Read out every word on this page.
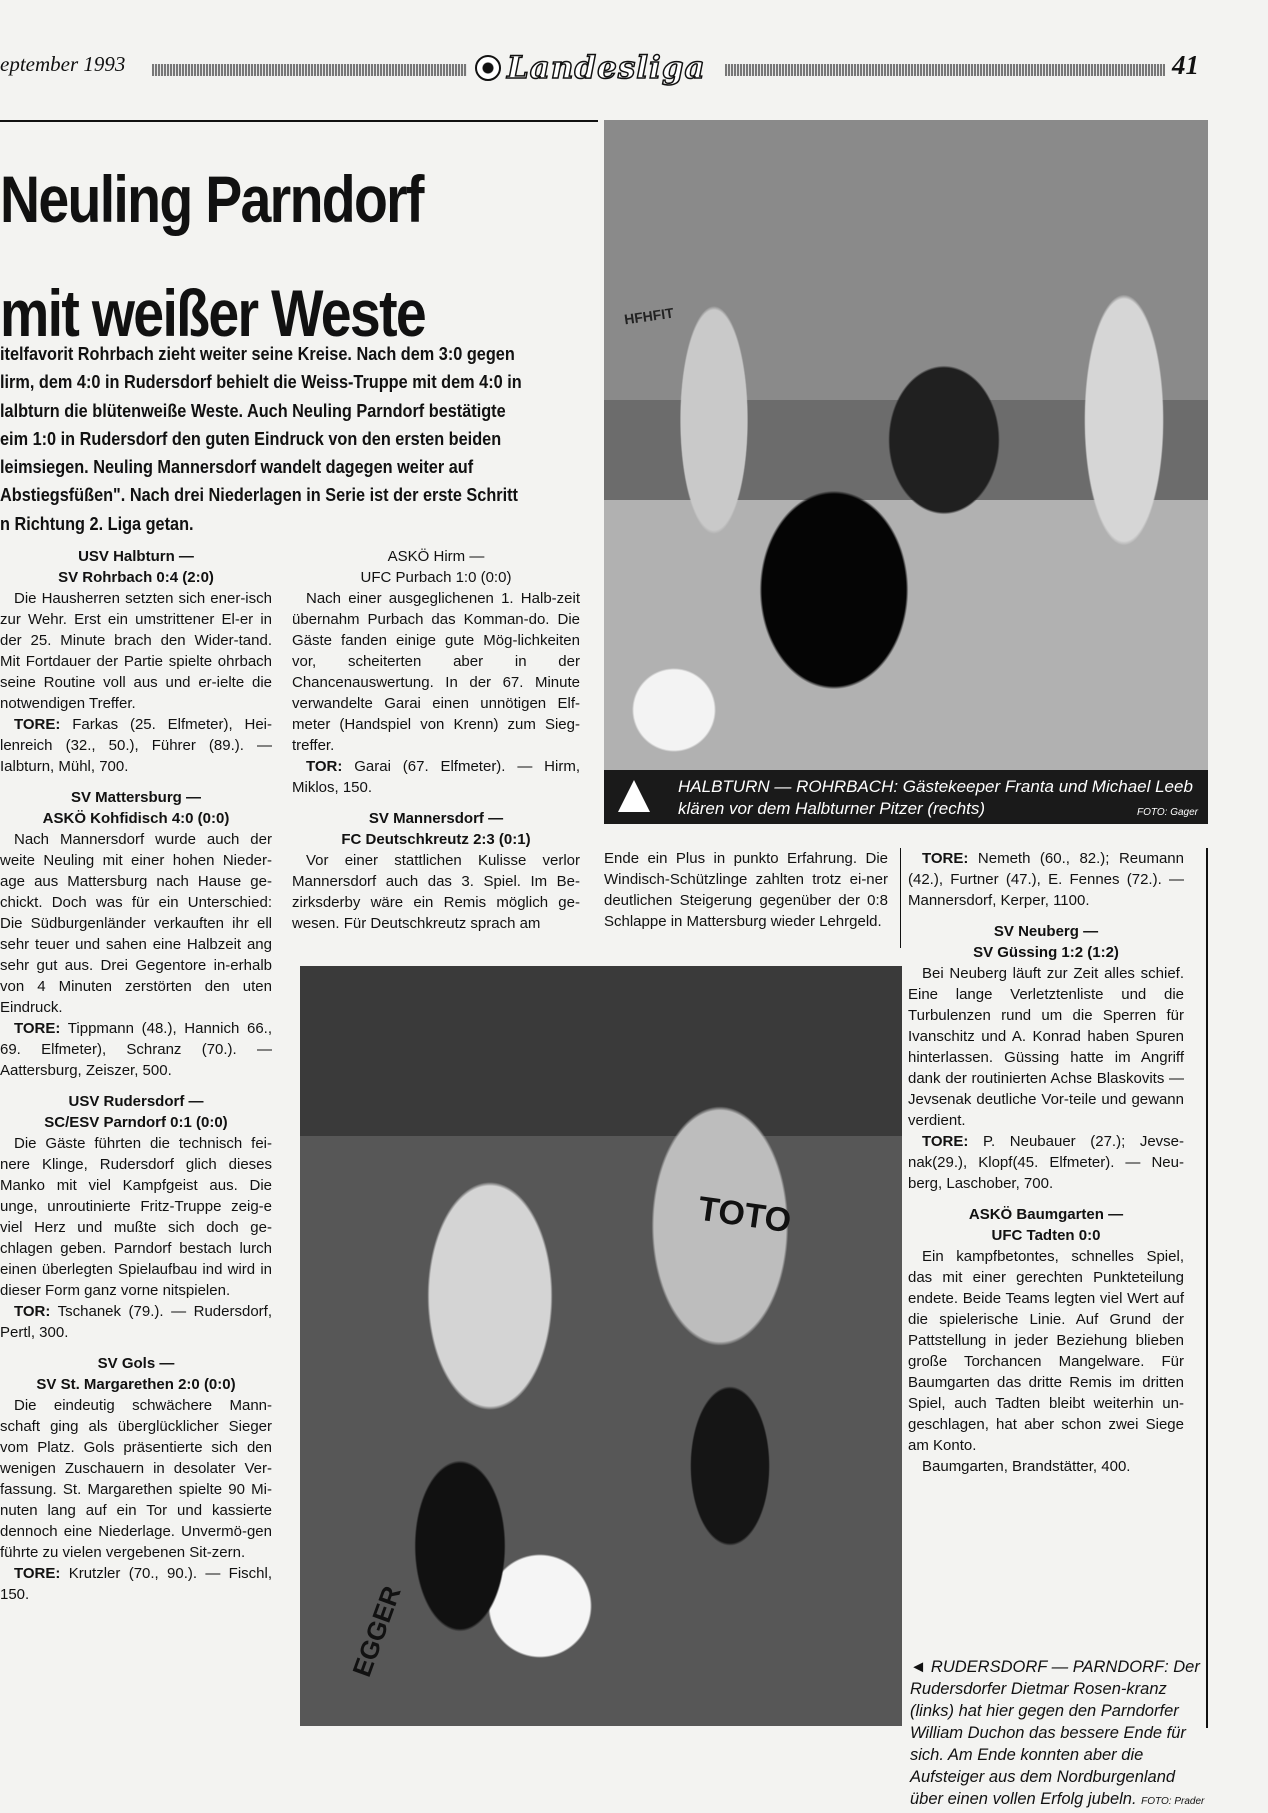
eptember 1993	Landesliga	41
Neuling Parndorf
mit weißer Weste
itelfavorit Rohrbach zieht weiter seine Kreise. Nach dem 3:0 gegen
lirm, dem 4:0 in Rudersdorf behielt die Weiss-Truppe mit dem 4:0 in
lalbturn die blütenweiße Weste. Auch Neuling Parndorf bestätigte
eim 1:0 in Rudersdorf den guten Eindruck von den ersten beiden
leimsiegen. Neuling Mannersdorf wandelt dagegen weiter auf
Abstiegsfüßen". Nach drei Niederlagen in Serie ist der erste Schritt
n Richtung 2. Liga getan.
USV Halbturn —
SV Rohrbach 0:4 (2:0)

Die Hausherren setzten sich ener-isch zur Wehr. Erst ein umstrittener El-er in der 25. Minute brach den Wider-tand. Mit Fortdauer der Partie spielte ohrbach seine Routine voll aus und er-ielte die notwendigen Treffer.

TORE: Farkas (25. Elfmeter), Hei-lenreich (32., 50.), Führer (89.). — Ialbturn, Mühl, 700.

SV Mattersburg —
ASKÖ Kohfidisch 4:0 (0:0)

Nach Mannersdorf wurde auch der weite Neuling mit einer hohen Nieder-age aus Mattersburg nach Hause ge-chickt. Doch was für ein Unterschied: Die Südburgenländer verkauften ihr ell sehr teuer und sahen eine Halbzeit ang sehr gut aus. Drei Gegentore in-erhalb von 4 Minuten zerstörten den uten Eindruck.

TORE: Tippmann (48.), Hannich 66., 69. Elfmeter), Schranz (70.). — Aattersburg, Zeiszer, 500.

USV Rudersdorf —
SC/ESV Parndorf 0:1 (0:0)

Die Gäste führten die technisch fei-nere Klinge, Rudersdorf glich dieses Manko mit viel Kampfgeist aus. Die unge, unroutinierte Fritz-Truppe zeig-e viel Herz und mußte sich doch ge-chlagen geben. Parndorf bestach lurch einen überlegten Spielaufbau ind wird in dieser Form ganz vorne nitspielen.

TOR: Tschanek (79.). — Rudersdorf, Pertl, 300.

SV Gols —
SV St. Margarethen 2:0 (0:0)

Die eindeutig schwächere Mann-schaft ging als überglücklicher Sieger vom Platz. Gols präsentierte sich den wenigen Zuschauern in desolater Ver-fassung. St. Margarethen spielte 90 Mi-nuten lang auf ein Tor und kassierte dennoch eine Niederlage. Unvermö-gen führte zu vielen vergebenen Sit-zern.

TORE: Krutzler (70., 90.). — Fischl, 150.

ASKÖ Hirm —
UFC Purbach 1:0 (0:0)

Nach einer ausgeglichenen 1. Halb-zeit übernahm Purbach das Komman-do. Die Gäste fanden einige gute Mög-lichkeiten vor, scheiterten aber in der Chancenauswertung. In der 67. Minute verwandelte Garai einen unnötigen Elf-meter (Handspiel von Krenn) zum Sieg-treffer.

TOR: Garai (67. Elfmeter). — Hirm, Miklos, 150.

SV Mannersdorf —
FC Deutschkreutz 2:3 (0:1)

Vor einer stattlichen Kulisse verlor Mannersdorf auch das 3. Spiel. Im Be-zirksderby wäre ein Remis möglich ge-wesen. Für Deutschkreutz sprach am

HFHFIT
HALBTURN — ROHRBACH: Gästekeeper Franta und Michael Leeb klären vor dem Halbturner Pitzer (rechts)	FOTO: Gager

Ende ein Plus in punkto Erfahrung. Die Windisch-Schützlinge zahlten trotz ei-ner deutlichen Steigerung gegenüber der 0:8 Schlappe in Mattersburg wieder Lehrgeld.

TORE: Nemeth (60., 82.); Reumann (42.), Furtner (47.), E. Fennes (72.). — Mannersdorf, Kerper, 1100.

SV Neuberg —
SV Güssing 1:2 (1:2)

Bei Neuberg läuft zur Zeit alles schief. Eine lange Verletztenliste und die Turbulenzen rund um die Sperren für Ivanschitz und A. Konrad haben Spuren hinterlassen. Güssing hatte im Angriff dank der routinierten Achse Blaskovits — Jevsenak deutliche Vor-teile und gewann verdient.

TORE: P. Neubauer (27.); Jevse-nak(29.), Klopf(45. Elfmeter). — Neu-berg, Laschober, 700.

ASKÖ Baumgarten —
UFC Tadten 0:0

Ein kampfbetontes, schnelles Spiel, das mit einer gerechten Punkteteilung endete. Beide Teams legten viel Wert auf die spielerische Linie. Auf Grund der Pattstellung in jeder Beziehung blieben große Torchancen Mangelware. Für Baumgarten das dritte Remis im dritten Spiel, auch Tadten bleibt weiterhin un-geschlagen, hat aber schon zwei Siege am Konto.

Baumgarten, Brandstätter, 400.

TOTO
EGGER	◄ RUDERSDORF — PARNDORF: Der Rudersdorfer Dietmar Rosen-kranz (links) hat hier gegen den Parndorfer William Duchon das bessere Ende für sich. Am Ende konnten aber die Aufsteiger aus dem Nordburgenland über einen vollen Erfolg jubeln. FOTO: Prader
